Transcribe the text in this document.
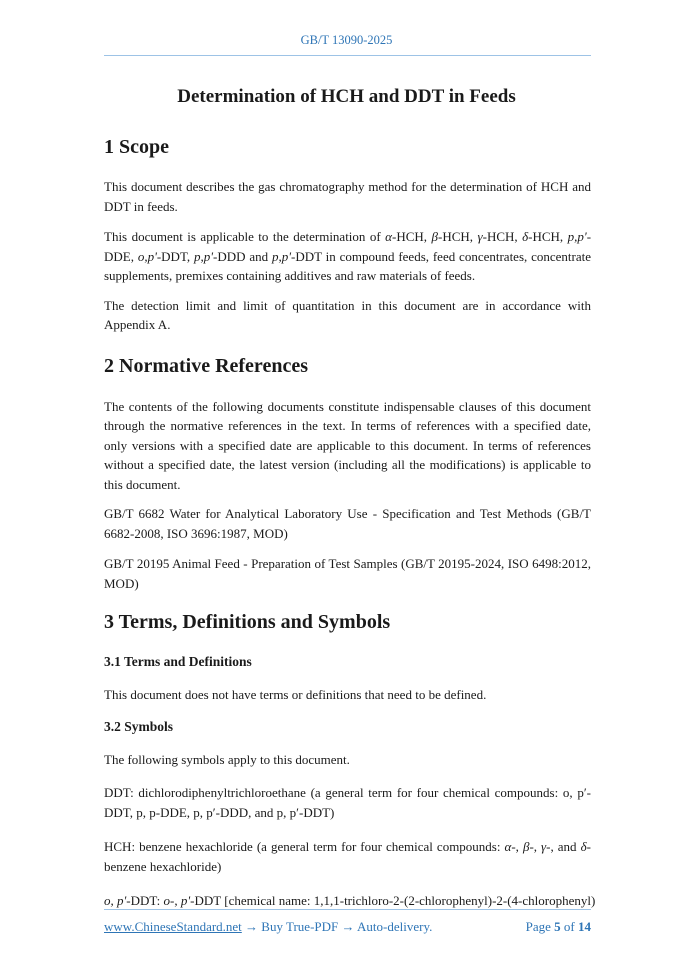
GB/T 13090-2025
Determination of HCH and DDT in Feeds
1 Scope
This document describes the gas chromatography method for the determination of HCH and DDT in feeds.
This document is applicable to the determination of α-HCH, β-HCH, γ-HCH, δ-HCH, p,p'-DDE, o,p'-DDT, p,p'-DDD and p,p'-DDT in compound feeds, feed concentrates, concentrate supplements, premixes containing additives and raw materials of feeds.
The detection limit and limit of quantitation in this document are in accordance with Appendix A.
2 Normative References
The contents of the following documents constitute indispensable clauses of this document through the normative references in the text. In terms of references with a specified date, only versions with a specified date are applicable to this document. In terms of references without a specified date, the latest version (including all the modifications) is applicable to this document.
GB/T 6682 Water for Analytical Laboratory Use - Specification and Test Methods (GB/T 6682-2008, ISO 3696:1987, MOD)
GB/T 20195 Animal Feed - Preparation of Test Samples (GB/T 20195-2024, ISO 6498:2012, MOD)
3 Terms, Definitions and Symbols
3.1 Terms and Definitions
This document does not have terms or definitions that need to be defined.
3.2 Symbols
The following symbols apply to this document.
DDT: dichlorodiphenyltrichloroethane (a general term for four chemical compounds: o, p′-DDT, p, p-DDE, p, p′-DDD, and p, p′-DDT)
HCH: benzene hexachloride (a general term for four chemical compounds: α-, β-, γ-, and δ-benzene hexachloride)
o, p'-DDT: o-, p'-DDT [chemical name: 1,1,1-trichloro-2-(2-chlorophenyl)-2-(4-chlorophenyl)
www.ChineseStandard.net → Buy True-PDF → Auto-delivery.	Page 5 of 14
